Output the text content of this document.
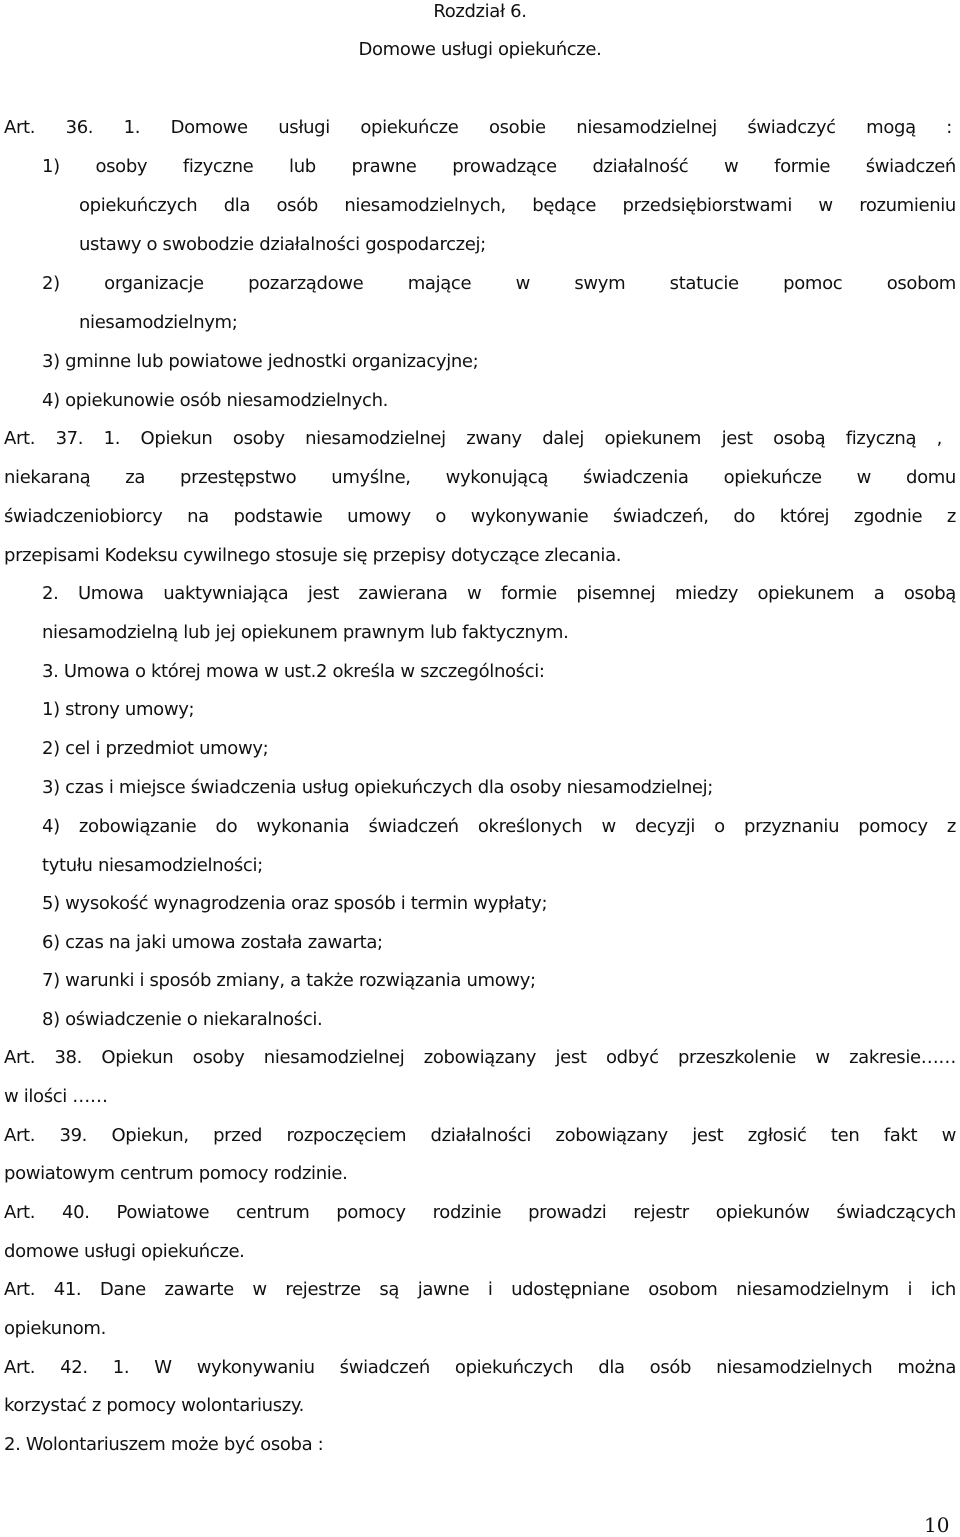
Rozdział 6.
Domowe usługi opiekuńcze.
Art. 36. 1. Domowe usługi opiekuńcze osobie niesamodzielnej świadczyć mogą :
1) osoby fizyczne lub prawne prowadzące działalność w formie świadczeń
opiekuńczych dla osób niesamodzielnych, będące przedsiębiorstwami w rozumieniu
ustawy o swobodzie działalności gospodarczej;
2) organizacje pozarządowe mające w swym statucie pomoc osobom
niesamodzielnym;
3) gminne lub powiatowe jednostki organizacyjne;
4) opiekunowie osób niesamodzielnych.
Art. 37. 1. Opiekun osoby niesamodzielnej zwany dalej opiekunem jest osobą fizyczną ,
niekaraną za przestępstwo umyślne, wykonującą świadczenia opiekuńcze w domu
świadczeniobiorcy na podstawie umowy o wykonywanie świadczeń, do której zgodnie z
przepisami Kodeksu cywilnego stosuje się przepisy dotyczące zlecania.
2. Umowa uaktywniająca jest zawierana w formie pisemnej miedzy opiekunem a osobą
niesamodzielną lub jej opiekunem prawnym lub faktycznym.
3. Umowa o której mowa w ust.2 określa w szczególności:
1) strony umowy;
2) cel i przedmiot umowy;
3) czas i miejsce świadczenia usług opiekuńczych dla osoby niesamodzielnej;
4) zobowiązanie do wykonania świadczeń określonych w decyzji o przyznaniu pomocy z
tytułu niesamodzielności;
5) wysokość wynagrodzenia oraz sposób i termin wypłaty;
6) czas na jaki umowa została zawarta;
7) warunki i sposób zmiany, a także rozwiązania umowy;
8) oświadczenie o niekaralności.
Art. 38. Opiekun osoby niesamodzielnej zobowiązany jest odbyć przeszkolenie w zakresie……
w ilości ……
Art. 39. Opiekun, przed rozpoczęciem działalności zobowiązany jest zgłosić ten fakt w
powiatowym centrum pomocy rodzinie.
Art. 40. Powiatowe centrum pomocy rodzinie prowadzi rejestr opiekunów świadczących
domowe usługi opiekuńcze.
Art. 41. Dane zawarte w rejestrze są jawne i udostępniane osobom niesamodzielnym i ich
opiekunom.
Art. 42. 1. W wykonywaniu świadczeń opiekuńczych dla osób niesamodzielnych można
korzystać z pomocy wolontariuszy.
2. Wolontariuszem może być osoba :
10
